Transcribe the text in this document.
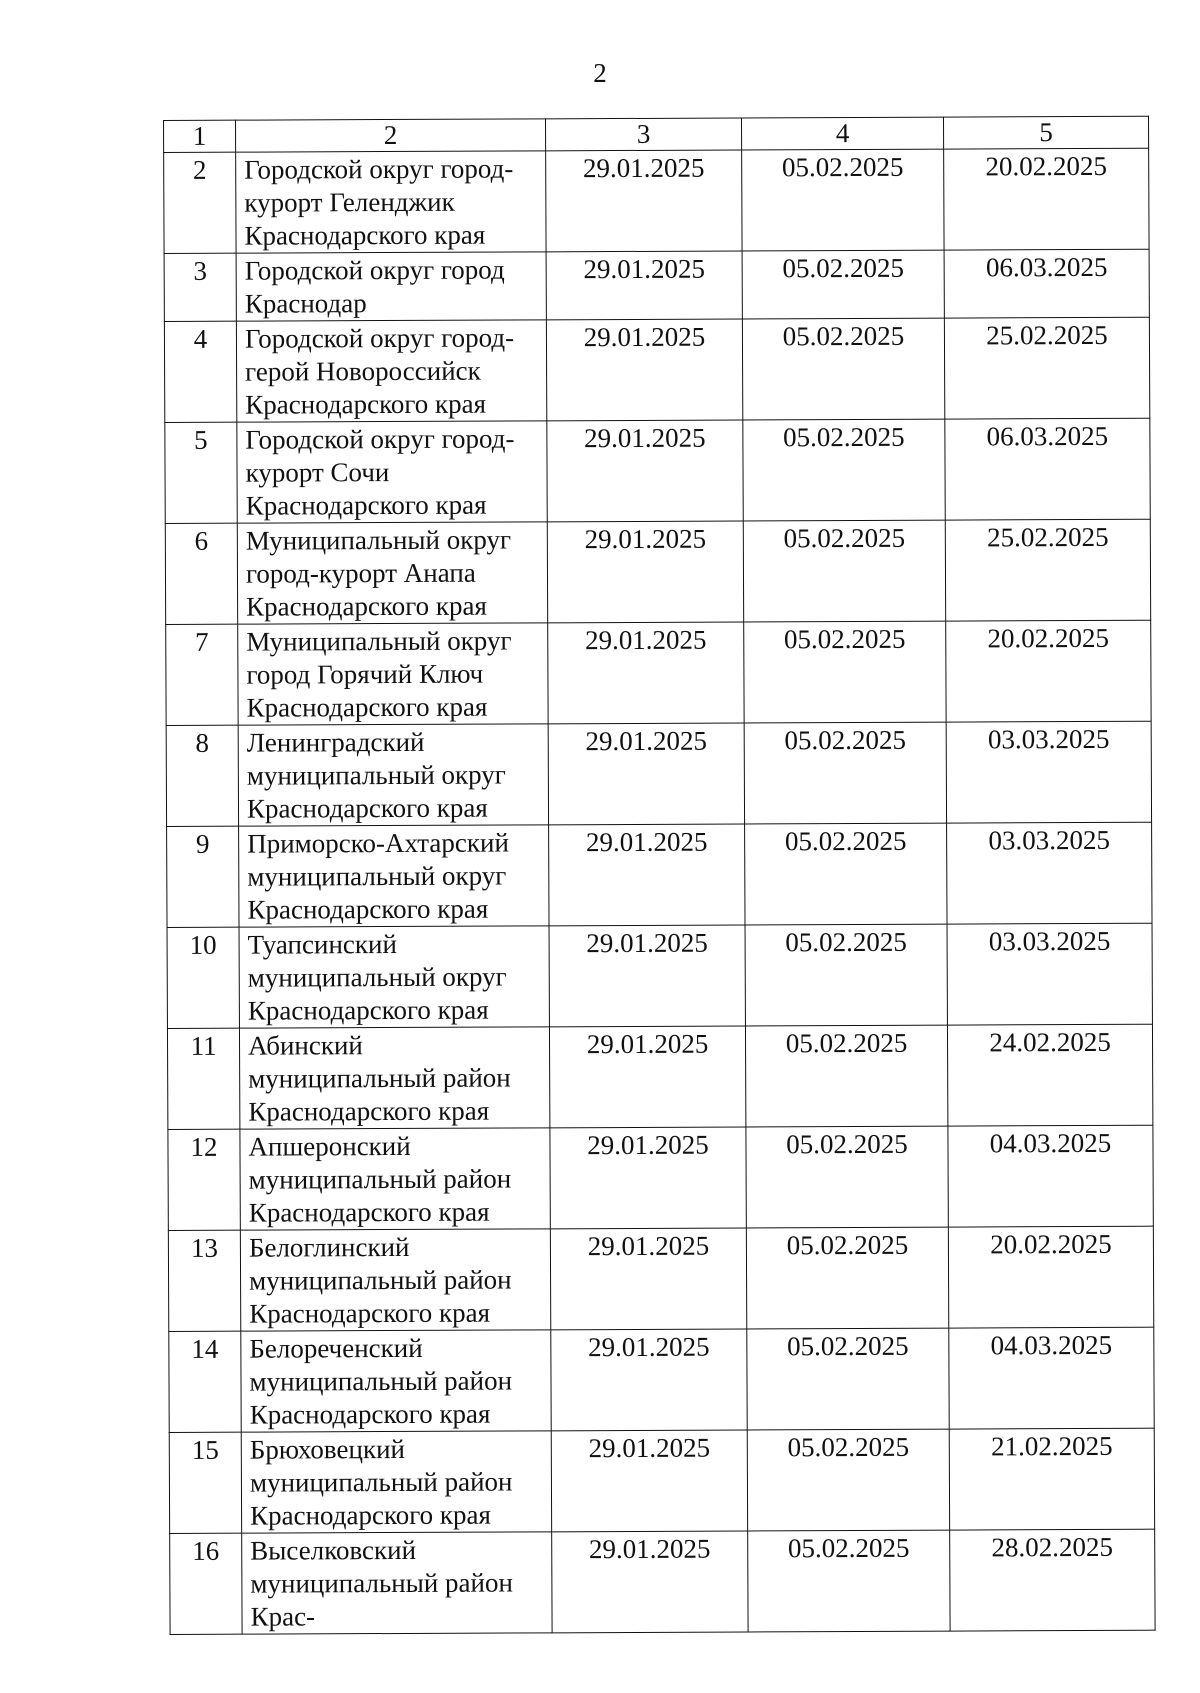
2
1	2	3	4	5
2	Городской округ город-курорт Геленджик Краснодарского края	29.01.2025	05.02.2025	20.02.2025
3	Городской округ город Краснодар	29.01.2025	05.02.2025	06.03.2025
4	Городской округ город-герой Новороссийск Краснодарского края	29.01.2025	05.02.2025	25.02.2025
5	Городской округ город-курорт Сочи Краснодарского края	29.01.2025	05.02.2025	06.03.2025
6	Муниципальный округ город-курорт Анапа Краснодарского края	29.01.2025	05.02.2025	25.02.2025
7	Муниципальный округ город Горячий Ключ Краснодарского края	29.01.2025	05.02.2025	20.02.2025
8	Ленинградский муниципальный округ Краснодарского края	29.01.2025	05.02.2025	03.03.2025
9	Приморско-Ахтарский муниципальный округ Краснодарского края	29.01.2025	05.02.2025	03.03.2025
10	Туапсинский муниципальный округ Краснодарского края	29.01.2025	05.02.2025	03.03.2025
11	Абинский муниципальный район Краснодарского края	29.01.2025	05.02.2025	24.02.2025
12	Апшеронский муниципальный район Краснодарского края	29.01.2025	05.02.2025	04.03.2025
13	Белоглинский муниципальный район Краснодарского края	29.01.2025	05.02.2025	20.02.2025
14	Белореченский муниципальный район Краснодарского края	29.01.2025	05.02.2025	04.03.2025
15	Брюховецкий муниципальный район Краснодарского края	29.01.2025	05.02.2025	21.02.2025
16	Выселковский муниципальный район Крас-	29.01.2025	05.02.2025	28.02.2025
